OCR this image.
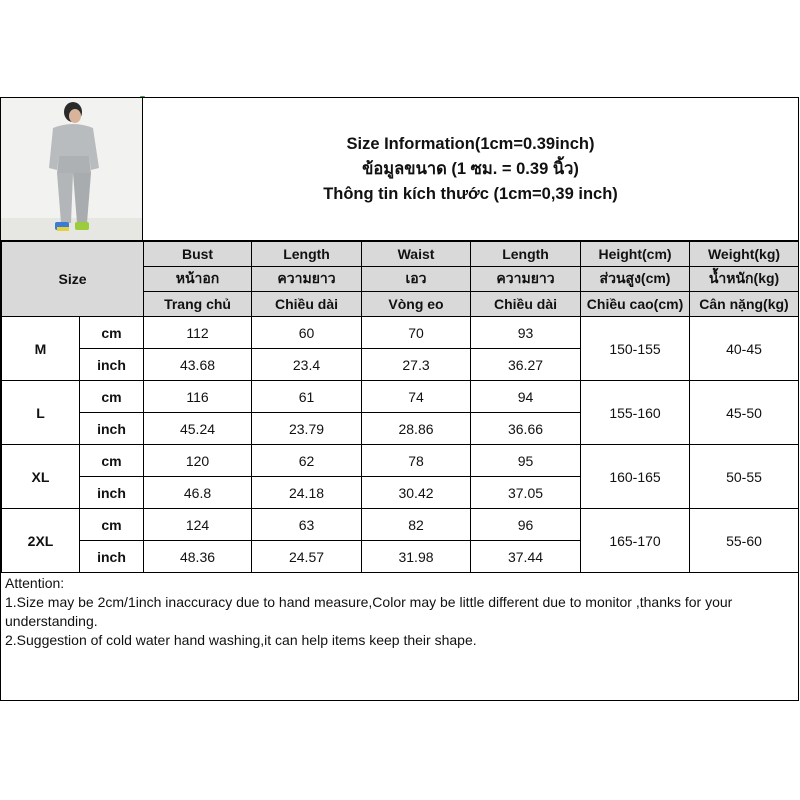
Size Information(1cm=0.39inch)
ข้อมูลขนาด (1 ซม. = 0.39 นิ้ว)
Thông tin kích thước (1cm=0,39 inch)
Size		Bust	Length	Waist	Length	Height(cm)	Weight(kg)
		หน้าอก	ความยาว	เอว	ความยาว	ส่วนสูง(cm)	น้ำหนัก(kg)
		Trang chủ	Chiều dài	Vòng eo	Chiều dài	Chiều cao(cm)	Cân nặng(kg)
M	cm	112	60	70	93	150-155	40-45
	inch	43.68	23.4	27.3	36.27		
L	cm	116	61	74	94	155-160	45-50
	inch	45.24	23.79	28.86	36.66		
XL	cm	120	62	78	95	160-165	50-55
	inch	46.8	24.18	30.42	37.05		
2XL	cm	124	63	82	96	165-170	55-60
	inch	48.36	24.57	31.98	37.44		
Attention:
1.Size may be 2cm/1inch inaccuracy due to hand measure,Color may be little different due to monitor ,thanks for your understanding.
2.Suggestion of cold water hand washing,it can help items keep their shape.
